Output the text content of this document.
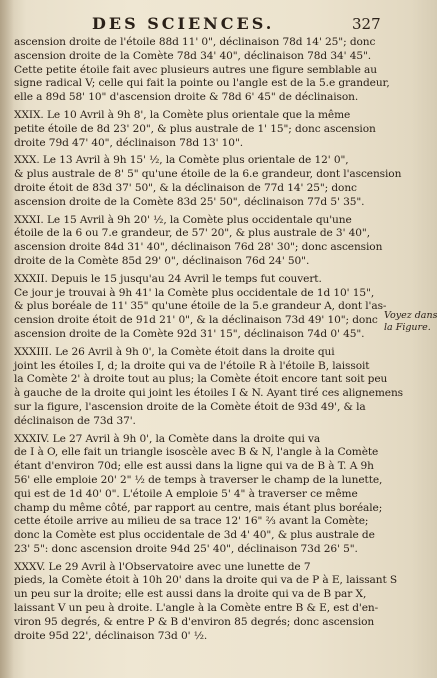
DES SCIENCES.	327
ascension droite de l'étoile 88d 11' 0", déclinaison 78d 14' 25"; donc
ascension droite de la Comète 78d 34' 40", déclinaison 78d 34' 45".
Cette petite étoile fait avec plusieurs autres une figure semblable au
signe radical V; celle qui fait la pointe ou l'angle est de la 5.e grandeur,
elle a 89d 58' 10" d'ascension droite & 78d 6' 45" de déclinaison.
XXIX. Le 10 Avril à 9h 8', la Comète plus orientale que la même
petite étoile de 8d 23' 20", & plus australe de 1' 15"; donc ascension
droite 79d 47' 40", déclinaison 78d 13' 10".
XXX. Le 13 Avril à 9h 15' ½, la Comète plus orientale de 12' 0",
& plus australe de 8' 5" qu'une étoile de la 6.e grandeur, dont l'ascension
droite étoit de 83d 37' 50", & la déclinaison de 77d 14' 25"; donc
ascension droite de la Comète 83d 25' 50", déclinaison 77d 5' 35".
XXXI. Le 15 Avril à 9h 20' ½, la Comète plus occidentale qu'une
étoile de la 6 ou 7.e grandeur, de 57' 20", & plus australe de 3' 40",
ascension droite 84d 31' 40", déclinaison 76d 28' 30"; donc ascension
droite de la Comète 85d 29' 0", déclinaison 76d 24' 50".
XXXII. Depuis le 15 jusqu'au 24 Avril le temps fut couvert.
Ce jour je trouvai à 9h 41' la Comète plus occidentale de 1d 10' 15",
& plus boréale de 11' 35" qu'une étoile de la 5.e grandeur A, dont l'as-
cension droite étoit de 91d 21' 0", & la déclinaison 73d 49' 10"; donc
ascension droite de la Comète 92d 31' 15", déclinaison 74d 0' 45".
XXXIII. Le 26 Avril à 9h 0', la Comète étoit dans la droite qui
joint les étoiles I, d; la droite qui va de l'étoile R à l'étoile B, laissoit
la Comète 2' à droite tout au plus; la Comète étoit encore tant soit peu
à gauche de la droite qui joint les étoiles I & N. Ayant tiré ces alignemens
sur la figure, l'ascension droite de la Comète étoit de 93d 49', & la
déclinaison de 73d 37'.
XXXIV. Le 27 Avril à 9h 0', la Comète dans la droite qui va
de I à O, elle fait un triangle isoscèle avec B & N, l'angle à la Comète
étant d'environ 70d; elle est aussi dans la ligne qui va de B à T. A 9h
56' elle emploie 20' 2" ½ de temps à traverser le champ de la lunette,
qui est de 1d 40' 0". L'étoile A emploie 5' 4" à traverser ce même
champ du même côté, par rapport au centre, mais étant plus boréale;
cette étoile arrive au milieu de sa trace 12' 16" ⅔ avant la Comète;
donc la Comète est plus occidentale de 3d 4' 40", & plus australe de
23' 5": donc ascension droite 94d 25' 40", déclinaison 73d 26' 5".
XXXV. Le 29 Avril à l'Observatoire avec une lunette de 7
pieds, la Comète étoit à 10h 20' dans la droite qui va de P à E, laissant S
un peu sur la droite; elle est aussi dans la droite qui va de B par X,
laissant V un peu à droite. L'angle à la Comète entre B & E, est d'en-
viron 95 degrés, & entre P & B d'environ 85 degrés; donc ascension
droite 95d 22', déclinaison 73d 0' ½.
Voyez dans
la Figure.
